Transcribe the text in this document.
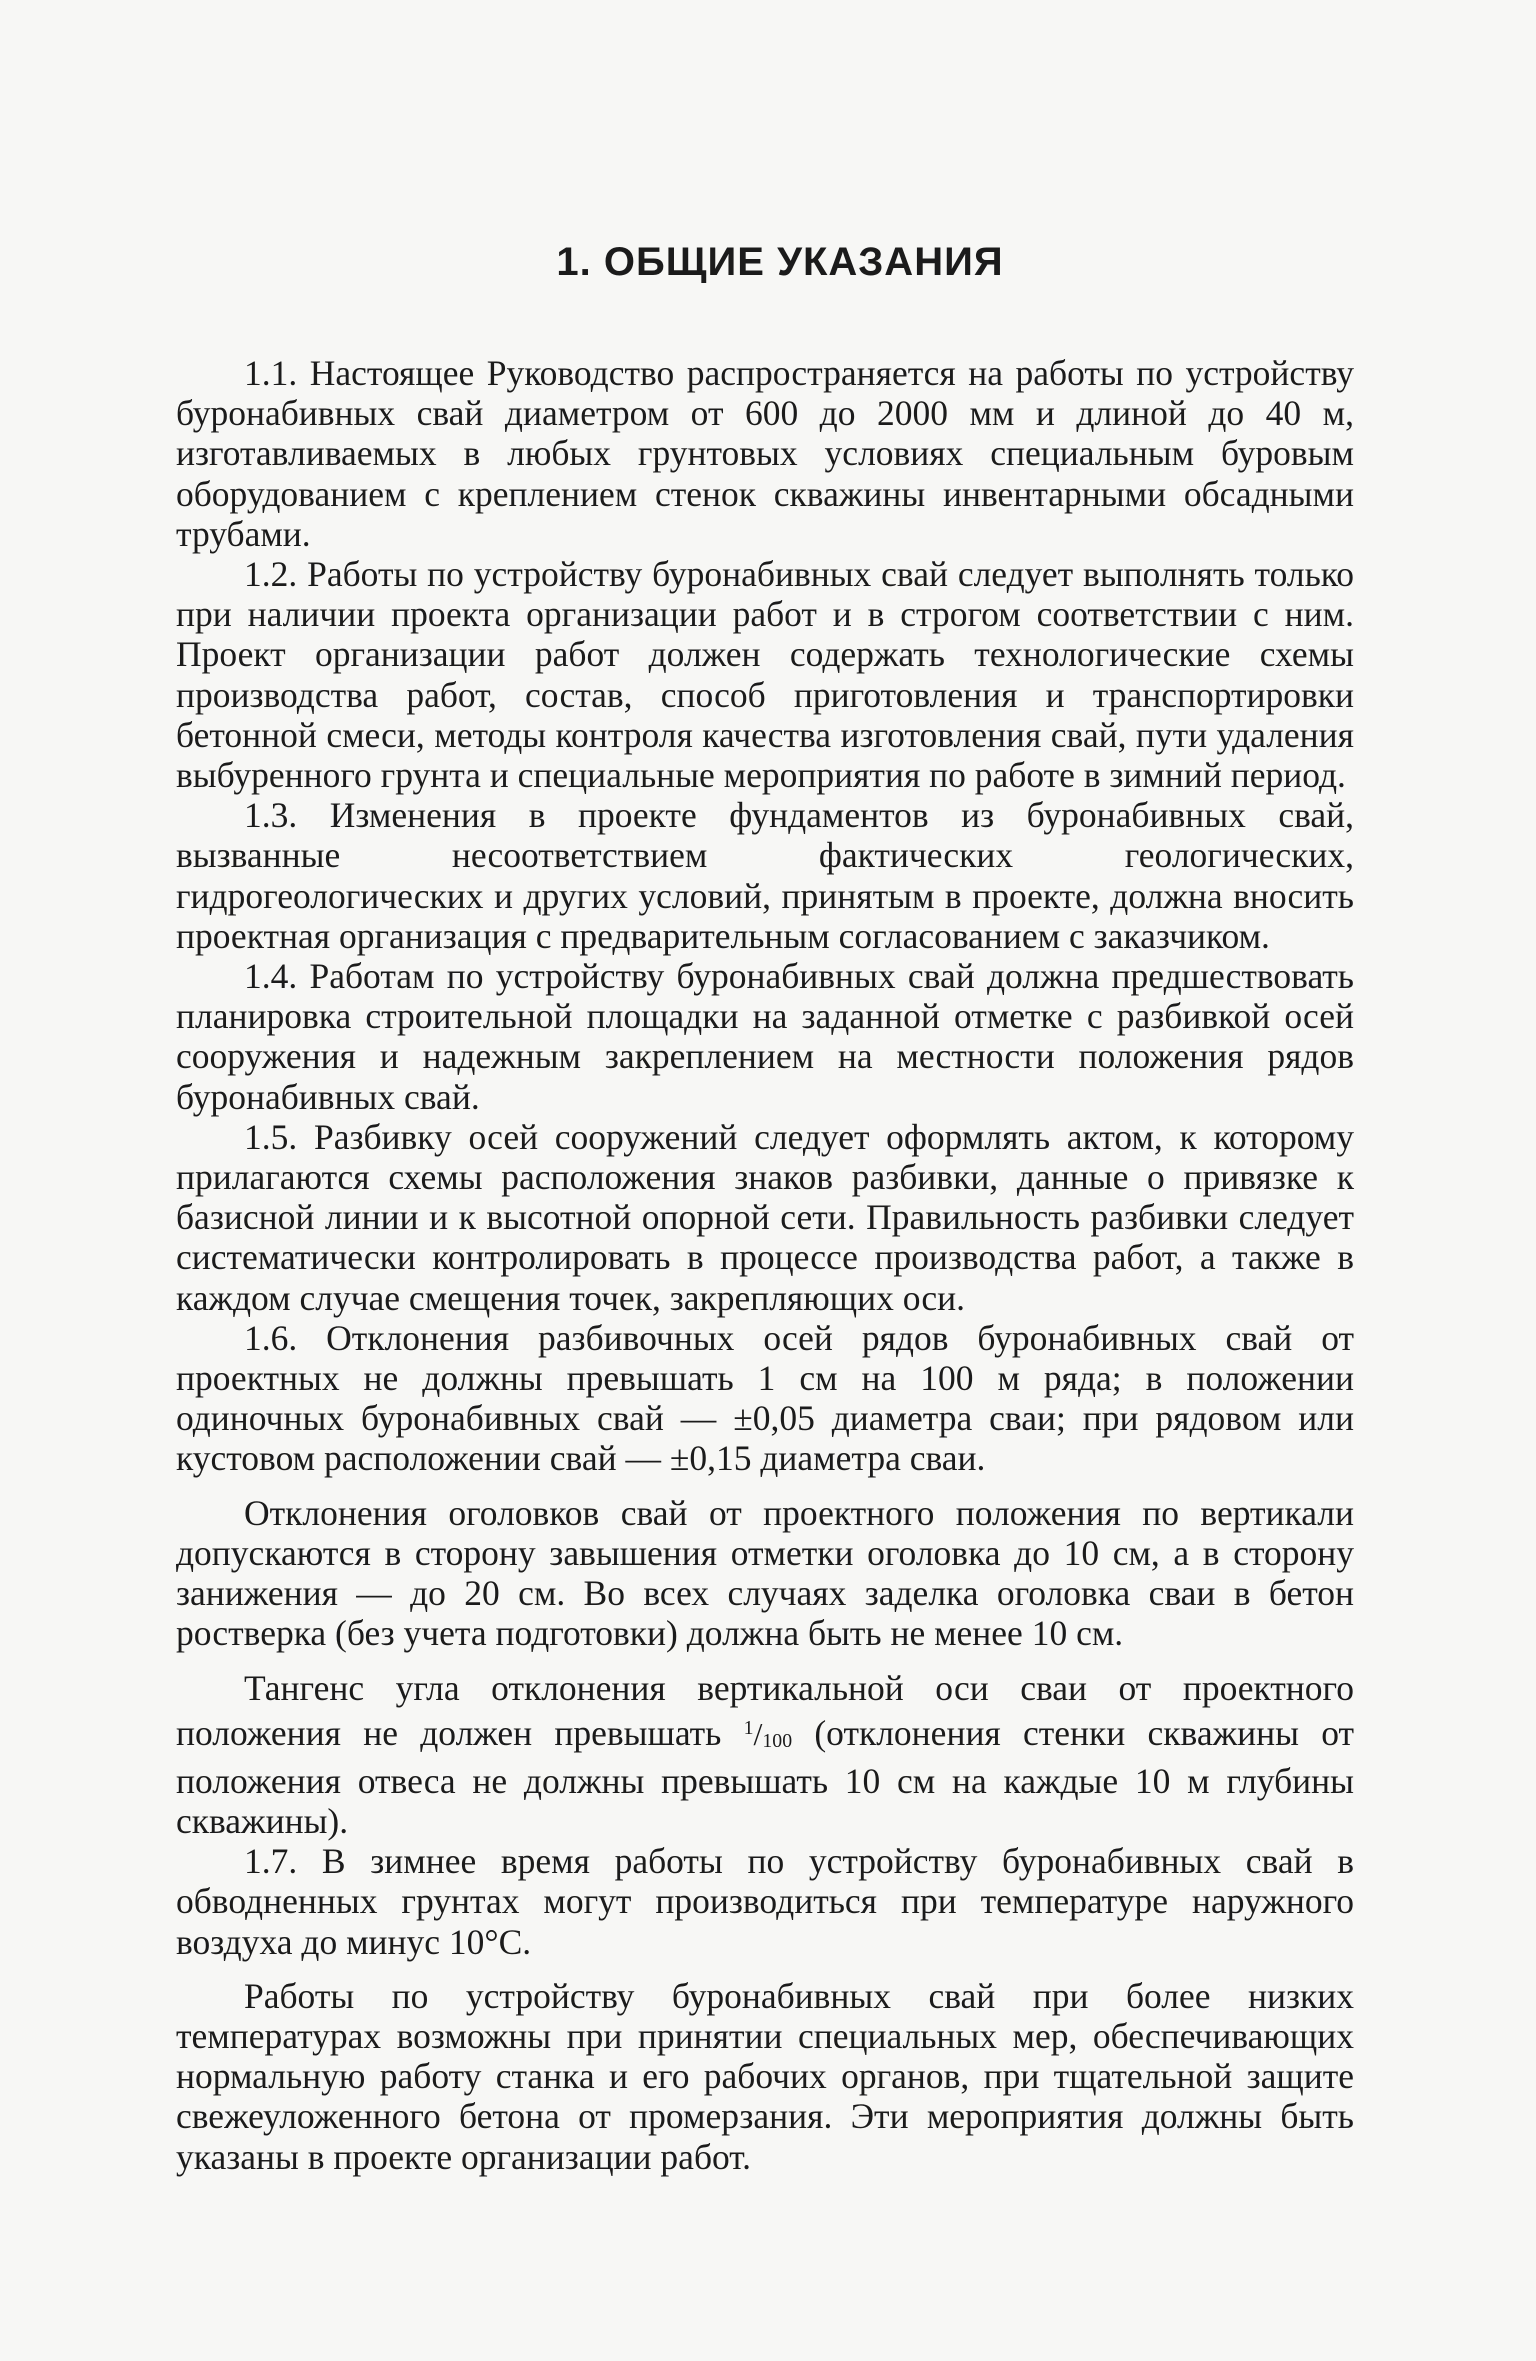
1. ОБЩИЕ УКАЗАНИЯ

1.1. Настоящее Руководство распространяется на работы по устройству буронабивных свай диаметром от 600 до 2000 мм и длиной до 40 м, изготавливаемых в любых грунтовых условиях специальным буровым оборудованием с креплением стенок скважины инвентарными обсадными трубами.

1.2. Работы по устройству буронабивных свай следует выполнять только при наличии проекта организации работ и в строгом соответствии с ним. Проект организации работ должен содержать технологические схемы производства работ, состав, способ приготовления и транспортировки бетонной смеси, методы контроля качества изготовления свай, пути удаления выбуренного грунта и специальные мероприятия по работе в зимний период.

1.3. Изменения в проекте фундаментов из буронабивных свай, вызванные несоответствием фактических геологических, гидрогеологических и других условий, принятым в проекте, должна вносить проектная организация с предварительным согласованием с заказчиком.

1.4. Работам по устройству буронабивных свай должна предшествовать планировка строительной площадки на заданной отметке с разбивкой осей сооружения и надежным закреплением на местности положения рядов буронабивных свай.

1.5. Разбивку осей сооружений следует оформлять актом, к которому прилагаются схемы расположения знаков разбивки, данные о привязке к базисной линии и к высотной опорной сети. Правильность разбивки следует систематически контролировать в процессе производства работ, а также в каждом случае смещения точек, закрепляющих оси.

1.6. Отклонения разбивочных осей рядов буронабивных свай от проектных не должны превышать 1 см на 100 м ряда; в положении одиночных буронабивных свай — ±0,05 диаметра сваи; при рядовом или кустовом расположении свай — ±0,15 диаметра сваи.

Отклонения оголовков свай от проектного положения по вертикали допускаются в сторону завышения отметки оголовка до 10 см, а в сторону занижения — до 20 см. Во всех случаях заделка оголовка сваи в бетон ростверка (без учета подготовки) должна быть не менее 10 см.

Тангенс угла отклонения вертикальной оси сваи от проектного положения не должен превышать $^1/_{100}$ (отклонения стенки скважины от положения отвеса не должны превышать 10 см на каждые 10 м глубины скважины).

1.7. В зимнее время работы по устройству буронабивных свай в обводненных грунтах могут производиться при температуре наружного воздуха до минус 10°С.

Работы по устройству буронабивных свай при более низких температурах возможны при принятии специальных мер, обеспечивающих нормальную работу станка и его рабочих органов, при тщательной защите свежеуложенного бетона от промерзания. Эти мероприятия должны быть указаны в проекте организации работ.
